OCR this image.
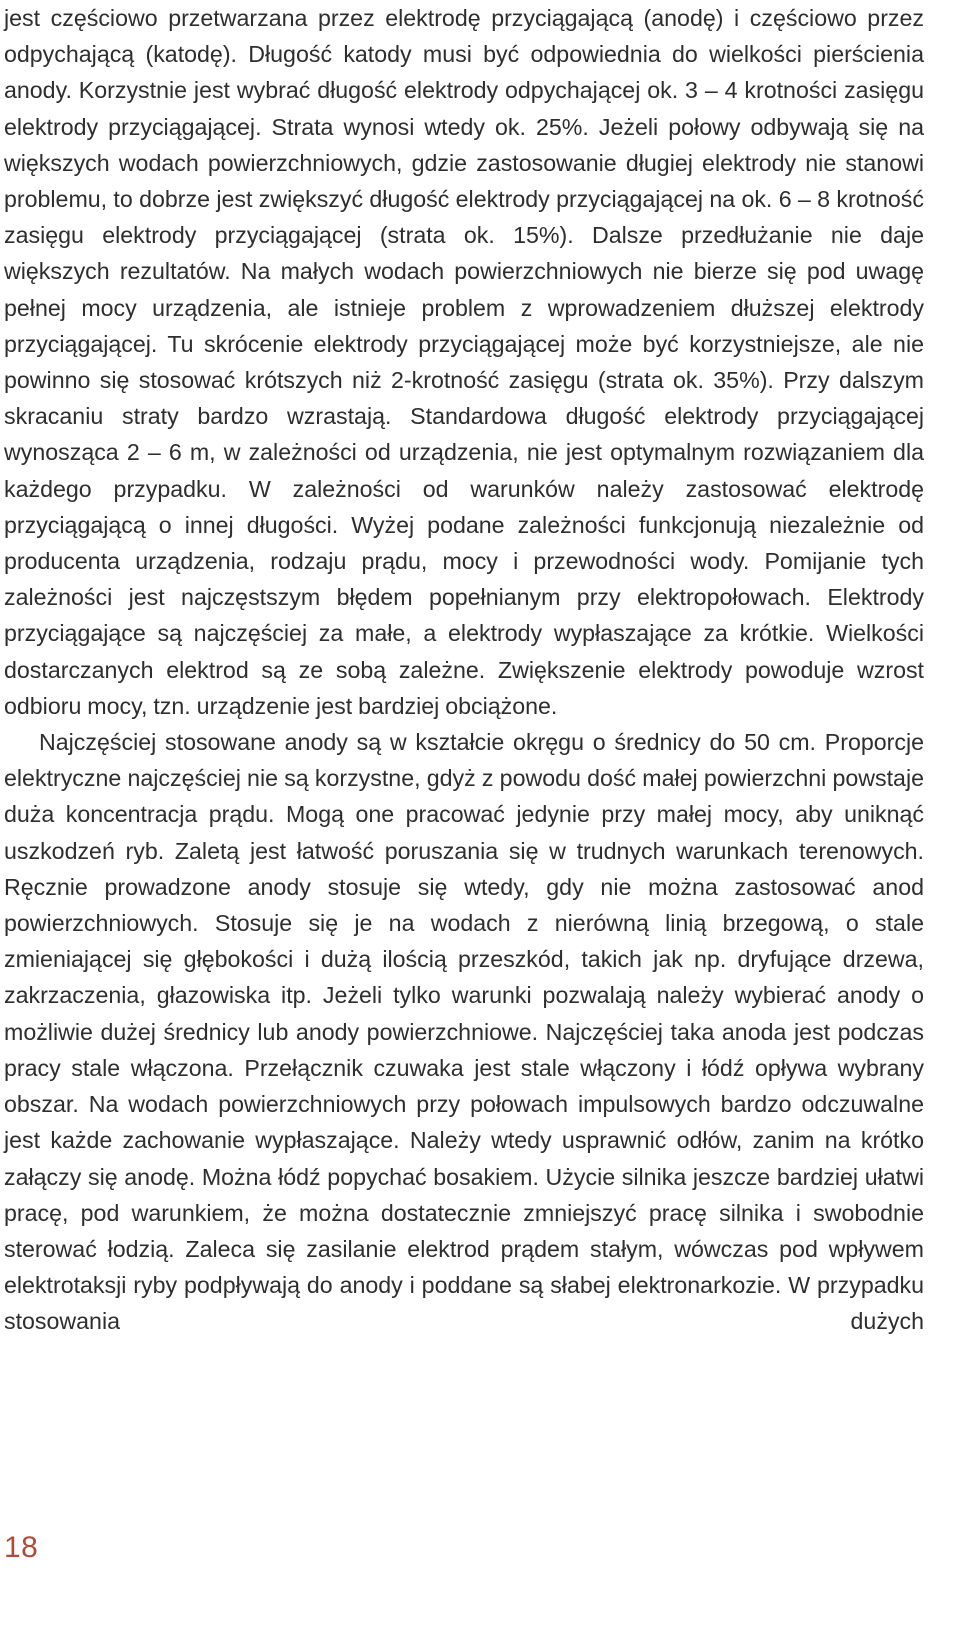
jest częściowo przetwarzana przez elektrodę przyciągającą (anodę) i częściowo przez odpychającą (katodę). Długość katody musi być odpowiednia do wielkości pierścienia anody. Korzystnie jest wybrać długość elektrody odpychającej ok. 3 – 4 krotności zasięgu elektrody przyciągającej. Strata wynosi wtedy ok. 25%. Jeżeli połowy odbywają się na większych wodach powierzchniowych, gdzie zastosowanie długiej elektrody nie stanowi problemu, to dobrze jest zwiększyć długość elektrody przyciągającej na ok. 6 – 8 krotność zasięgu elektrody przyciągającej (strata ok. 15%). Dalsze przedłużanie nie daje większych rezultatów. Na małych wodach powierzchniowych nie bierze się pod uwagę pełnej mocy urządzenia, ale istnieje problem z wprowadzeniem dłuższej elektrody przyciągającej. Tu skrócenie elektrody przyciągającej może być korzystniejsze, ale nie powinno się stosować krótszych niż 2-krotność zasięgu (strata ok. 35%). Przy dalszym skracaniu straty bardzo wzrastają. Standardowa długość elektrody przyciągającej wynosząca 2 – 6 m, w zależności od urządzenia, nie jest optymalnym rozwiązaniem dla każdego przypadku. W zależności od warunków należy zastosować elektrodę przyciągającą o innej długości. Wyżej podane zależności funkcjonują niezależnie od producenta urządzenia, rodzaju prądu, mocy i przewodności wody. Pomijanie tych zależności jest najczęstszym błędem popełnianym przy elektropołowach. Elektrody przyciągające są najczęściej za małe, a elektrody wypłaszające za krótkie. Wielkości dostarczanych elektrod są ze sobą zależne. Zwiększenie elektrody powoduje wzrost odbioru mocy, tzn. urządzenie jest bardziej obciążone.

Najczęściej stosowane anody są w kształcie okręgu o średnicy do 50 cm. Proporcje elektryczne najczęściej nie są korzystne, gdyż z powodu dość małej powierzchni powstaje duża koncentracja prądu. Mogą one pracować jedynie przy małej mocy, aby uniknąć uszkodzeń ryb. Zaletą jest łatwość poruszania się w trudnych warunkach terenowych. Ręcznie prowadzone anody stosuje się wtedy, gdy nie można zastosować anod powierzchniowych. Stosuje się je na wodach z nierówną linią brzegową, o stale zmieniającej się głębokości i dużą ilością przeszkód, takich jak np. dryfujące drzewa, zakrzaczenia, głazowiska itp. Jeżeli tylko warunki pozwalają należy wybierać anody o możliwie dużej średnicy lub anody powierzchniowe. Najczęściej taka anoda jest podczas pracy stale włączona. Przełącznik czuwaka jest stale włączony i łódź opływa wybrany obszar. Na wodach powierzchniowych przy połowach impulsowych bardzo odczuwalne jest każde zachowanie wypłaszające. Należy wtedy usprawnić odłów, zanim na krótko załączy się anodę. Można łódź popychać bosakiem. Użycie silnika jeszcze bardziej ułatwi pracę, pod warunkiem, że można dostatecznie zmniejszyć pracę silnika i swobodnie sterować łodzią. Zaleca się zasilanie elektrod prądem stałym, wówczas pod wpływem elektrotaksji ryby podpływają do anody i poddane są słabej elektronarkozie. W przypadku stosowania dużych

18
